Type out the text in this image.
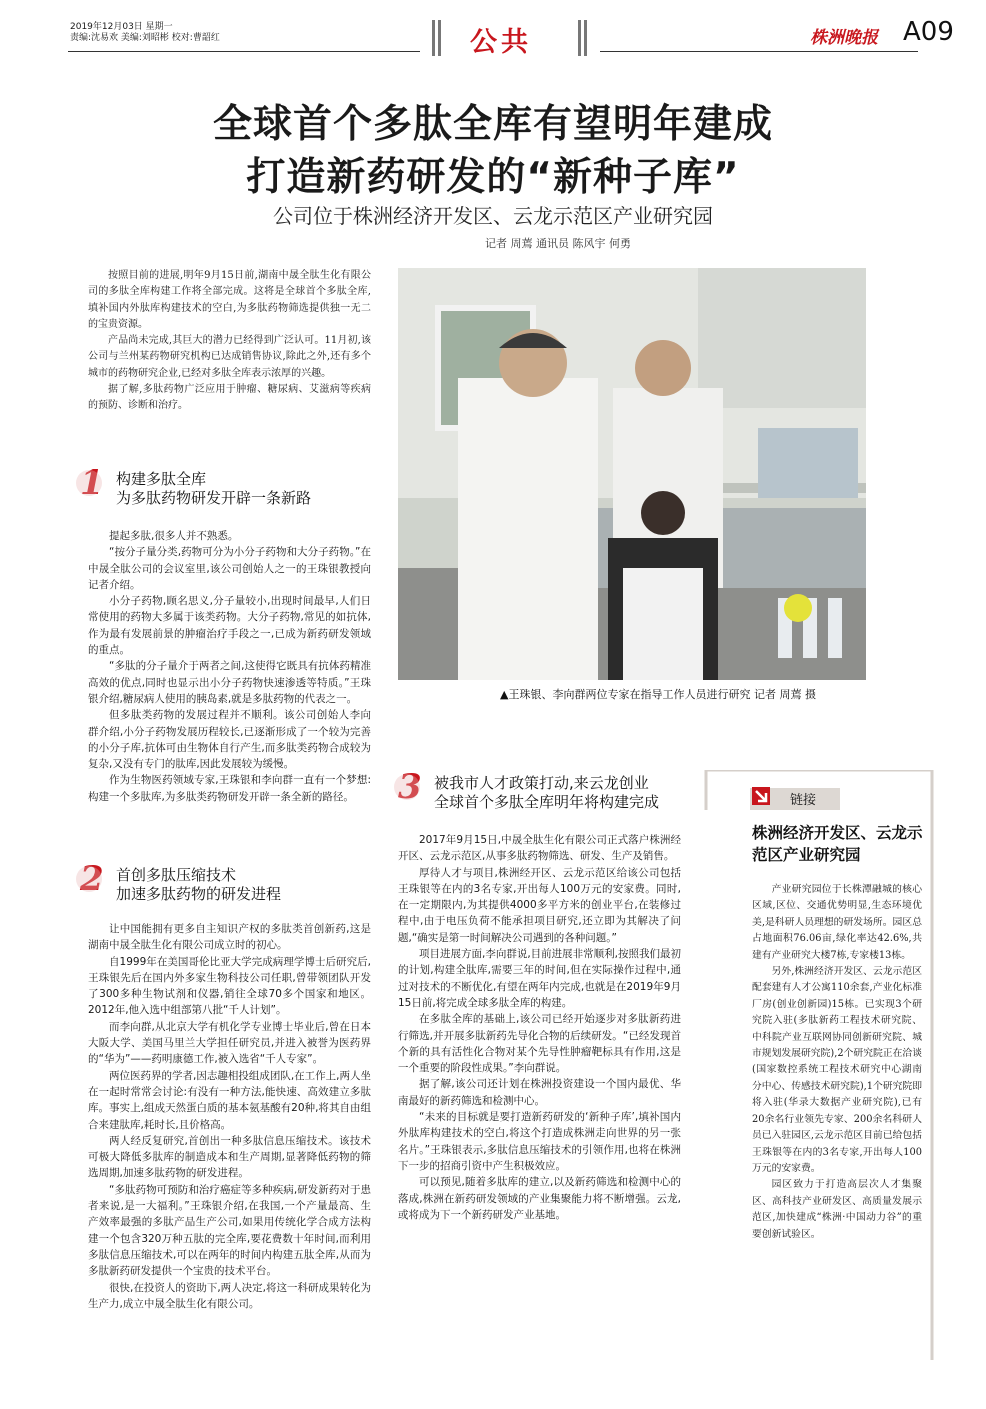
2019年12月03日 星期一
责编:沈易欢 美编:刘昭彬 校对:曹韶红	公共	株洲晚报 A09
全球首个多肽全库有望明年建成
打造新药研发的“新种子库”
公司位于株洲经济开发区、云龙示范区产业研究园
记者 周蔫 通讯员 陈风宇 何勇

按照目前的进展,明年9月15日前,湖南中晟全肽生化有限公司的多肽全库构建工作将全部完成。这将是全球首个多肽全库,填补国内外肽库构建技术的空白,为多肽药物筛选提供独一无二的宝贵资源。

产品尚未完成,其巨大的潜力已经得到广泛认可。11月初,该公司与兰州某药物研究机构已达成销售协议,除此之外,还有多个城市的药物研究企业,已经对多肽全库表示浓厚的兴趣。

据了解,多肽药物广泛应用于肿瘤、糖尿病、艾滋病等疾病的预防、诊断和治疗。

1 构建多肽全库
为多肽药物研发开辟一条新路

提起多肽,很多人并不熟悉。

“按分子量分类,药物可分为小分子药物和大分子药物。”在中晟全肽公司的会议室里,该公司创始人之一的王珠银教授向记者介绍。

小分子药物,顾名思义,分子量较小,出现时间最早,人们日常使用的药物大多属于该类药物。大分子药物,常见的如抗体,作为最有发展前景的肿瘤治疗手段之一,已成为新药研发领域的重点。

“多肽的分子量介于两者之间,这使得它既具有抗体药精准高效的优点,同时也显示出小分子药物快速渗透等特质。”王珠银介绍,糖尿病人使用的胰岛素,就是多肽药物的代表之一。

但多肽类药物的发展过程并不顺利。该公司创始人李向群介绍,小分子药物发展历程较长,已逐渐形成了一个较为完善的小分子库,抗体可由生物体自行产生,而多肽类药物合成较为复杂,又没有专门的肽库,因此发展较为缓慢。

作为生物医药领域专家,王珠银和李向群一直有一个梦想:构建一个多肽库,为多肽类药物研发开辟一条全新的路径。

2 首创多肽压缩技术
加速多肽药物的研发进程

让中国能拥有更多自主知识产权的多肽类首创新药,这是湖南中晟全肽生化有限公司成立时的初心。

自1999年在美国哥伦比亚大学完成病理学博士后研究后,王珠银先后在国内外多家生物科技公司任职,曾带领团队开发了300多种生物试剂和仪器,销往全球70多个国家和地区。2012年,他入选中组部第八批“千人计划”。

而李向群,从北京大学有机化学专业博士毕业后,曾在日本大阪大学、美国马里兰大学担任研究员,并进入被誉为医药界的“华为”——药明康德工作,被入选省“千人专家”。

两位医药界的学者,因志趣相投组成团队,在工作上,两人坐在一起时常常会讨论:有没有一种方法,能快速、高效建立多肽库。事实上,组成天然蛋白质的基本氨基酸有20种,将其自由组合来建肽库,耗时长,且价格高。

两人经反复研究,首创出一种多肽信息压缩技术。该技术可极大降低多肽库的制造成本和生产周期,显著降低药物的筛选周期,加速多肽药物的研发进程。

“多肽药物可预防和治疗癌症等多种疾病,研发新药对于患者来说,是一大福利。”王珠银介绍,在我国,一个产量最高、生产效率最强的多肽产品生产公司,如果用传统化学合成方法构建一个包含320万种五肽的完全库,要花费数十年时间,而利用多肽信息压缩技术,可以在两年的时间内构建五肽全库,从而为多肽新药研发提供一个宝贵的技术平台。

很快,在投资人的资助下,两人决定,将这一科研成果转化为生产力,成立中晟全肽生化有限公司。

▲王珠银、李向群两位专家在指导工作人员进行研究 记者 周蔫 摄
3 被我市人才政策打动,来云龙创业
全球首个多肽全库明年将构建完成

2017年9月15日,中晟全肽生化有限公司正式落户株洲经开区、云龙示范区,从事多肽药物筛选、研发、生产及销售。

厚待人才与项目,株洲经开区、云龙示范区给该公司包括王珠银等在内的3名专家,开出每人100万元的安家费。同时,在一定期限内,为其提供4000多平方米的创业平台,在装修过程中,由于电压负荷不能承担项目研究,还立即为其解决了问题,“确实是第一时间解决公司遇到的各种问题。”

项目进展方面,李向群说,目前进展非常顺利,按照我们最初的计划,构建全肽库,需要三年的时间,但在实际操作过程中,通过对技术的不断优化,有望在两年内完成,也就是在2019年9月15日前,将完成全球多肽全库的构建。

在多肽全库的基础上,该公司已经开始逐步对多肽新药进行筛选,并开展多肽新药先导化合物的后续研发。“已经发现首个新的具有活性化合物对某个先导性肿瘤靶标具有作用,这是一个重要的阶段性成果。”李向群说。

据了解,该公司还计划在株洲投资建设一个国内最优、华南最好的新药筛选和检测中心。

“未来的目标就是要打造新药研发的‘新种子库’,填补国内外肽库构建技术的空白,将这个打造成株洲走向世界的另一张名片。”王珠银表示,多肽信息压缩技术的引领作用,也将在株洲下一步的招商引资中产生积极效应。

可以预见,随着多肽库的建立,以及新药筛选和检测中心的落成,株洲在新药研发领域的产业集聚能力将不断增强。云龙,或将成为下一个新药研发产业基地。

链接
株洲经济开发区、云龙示范区产业研究园

产业研究园位于长株潭融城的核心区域,区位、交通优势明显,生态环境优美,是科研人员理想的研发场所。园区总占地面积76.06亩,绿化率达42.6%,共建有产业研究大楼7栋,专家楼13栋。

另外,株洲经济开发区、云龙示范区配套建有人才公寓110余套,产业化标准厂房(创业创新园)15栋。已实现3个研究院入驻(多肽新药工程技术研究院、中科院产业互联网协同创新研究院、城市规划发展研究院),2个研究院正在洽谈(国家数控系统工程技术研究中心湖南分中心、传感技术研究院),1个研究院即将入驻(华录大数据产业研究院),已有20余名行业领先专家、200余名科研人员已入驻园区,云龙示范区目前已给包括王珠银等在内的3名专家,开出每人100万元的安家费。

园区致力于打造高层次人才集聚区、高科技产业研发区、高质量发展示范区,加快建成“株洲·中国动力谷”的重要创新试验区。
